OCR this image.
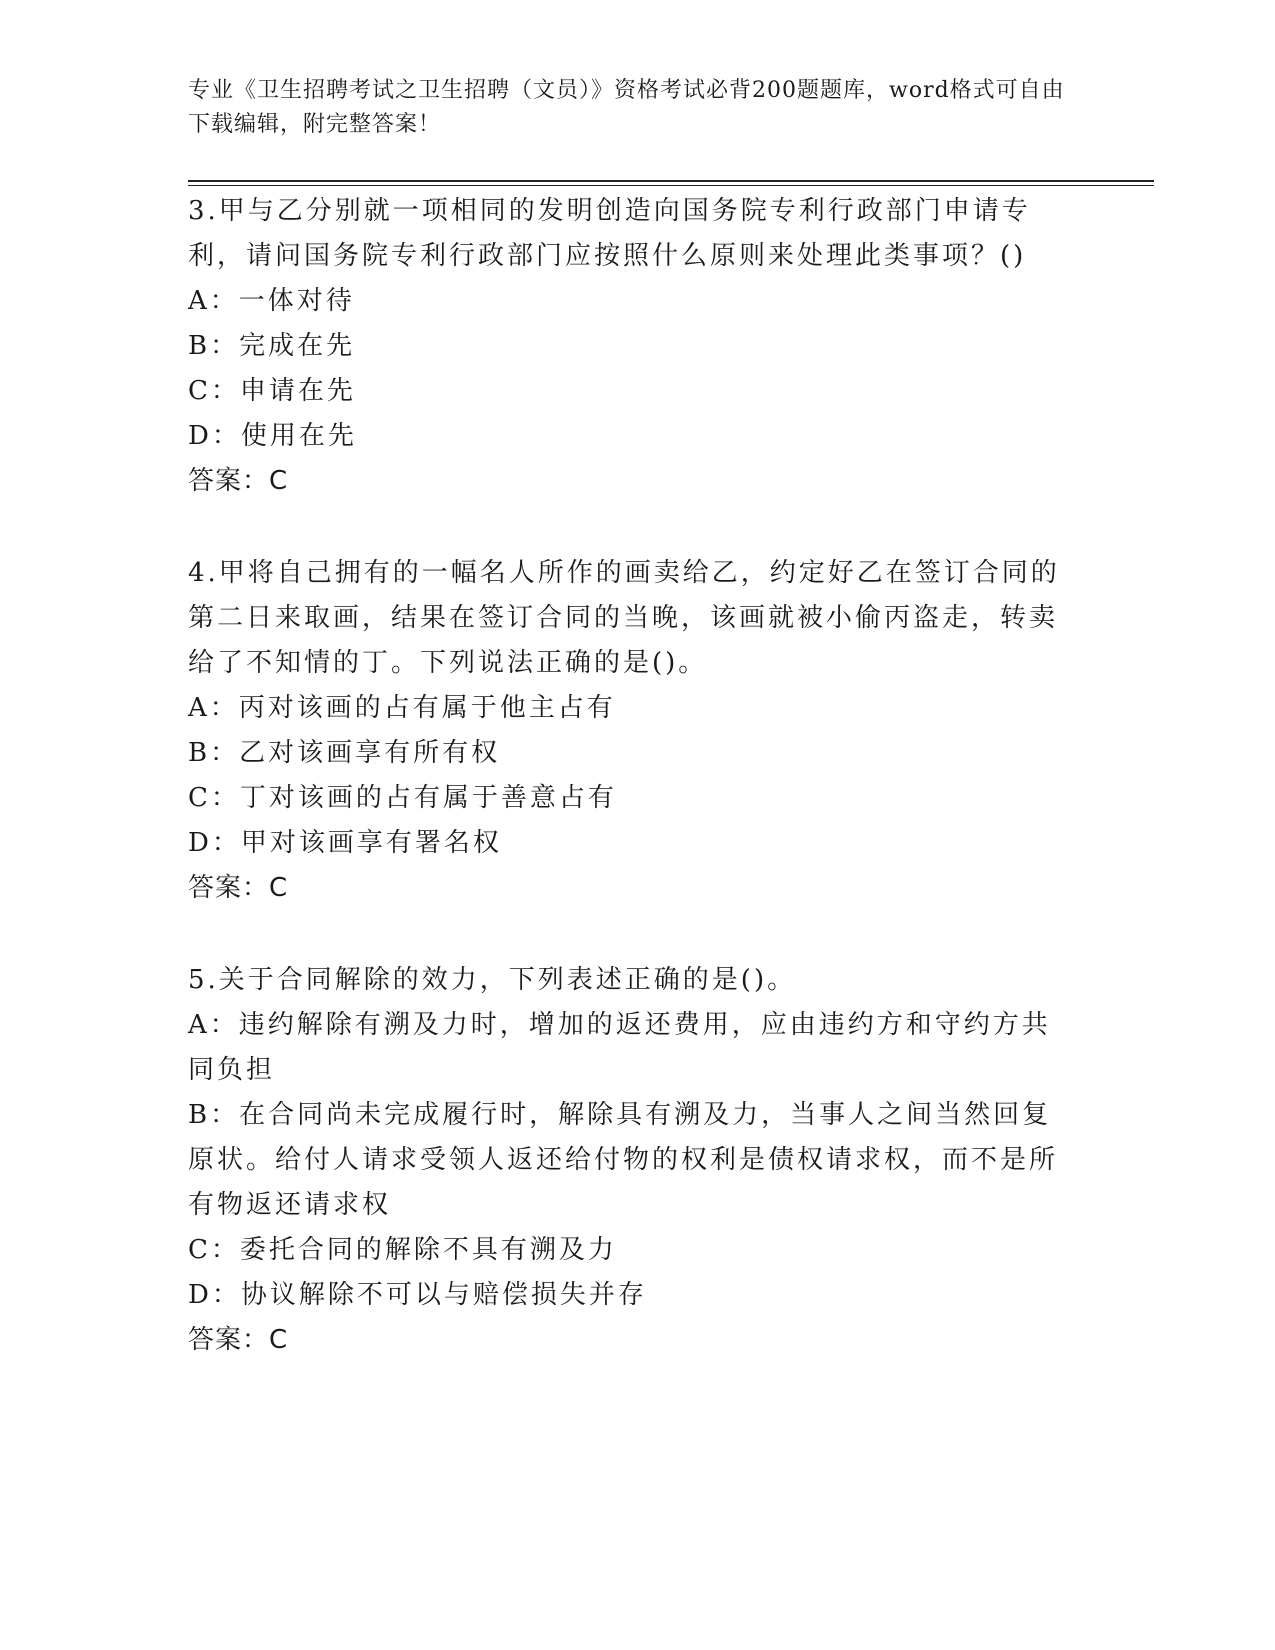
专业《卫生招聘考试之卫生招聘（文员）》资格考试必背200题题库，word格式可自由下载编辑，附完整答案！
3.甲与乙分别就一项相同的发明创造向国务院专利行政部门申请专利，请问国务院专利行政部门应按照什么原则来处理此类事项？()
A：一体对待
B：完成在先
C：申请在先
D：使用在先
答案：C
4.甲将自己拥有的一幅名人所作的画卖给乙，约定好乙在签订合同的第二日来取画，结果在签订合同的当晚，该画就被小偷丙盗走，转卖给了不知情的丁。下列说法正确的是()。
A：丙对该画的占有属于他主占有
B：乙对该画享有所有权
C：丁对该画的占有属于善意占有
D：甲对该画享有署名权
答案：C
5.关于合同解除的效力，下列表述正确的是()。
A：违约解除有溯及力时，增加的返还费用，应由违约方和守约方共同负担
B：在合同尚未完成履行时，解除具有溯及力，当事人之间当然回复原状。给付人请求受领人返还给付物的权利是债权请求权，而不是所有物返还请求权
C：委托合同的解除不具有溯及力
D：协议解除不可以与赔偿损失并存
答案：C
